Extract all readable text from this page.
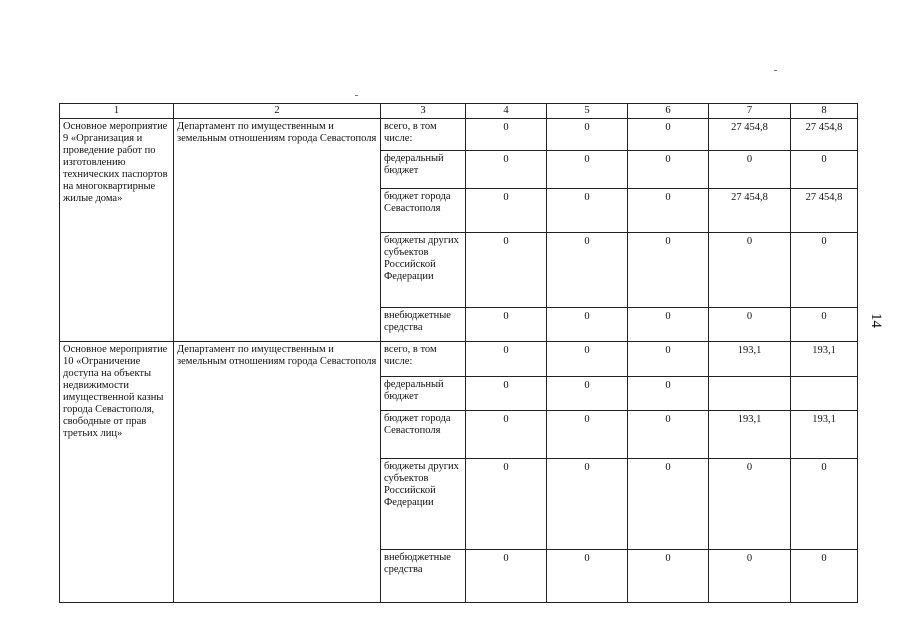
1	2	3	4	5	6	7	8
Основное мероприятие 9 «Организация и проведение работ по изготовлению технических паспортов на многоквартирные жилые дома»	Департамент по имущественным и земельным отношениям города Севастополя	всего, в том числе:	0	0	0	27 454,8	27 454,8
		федеральный бюджет	0	0	0	0	0
		бюджет города Севастополя	0	0	0	27 454,8	27 454,8
		бюджеты других субъектов Российской Федерации	0	0	0	0	0
		внебюджетные средства	0	0	0	0	0
Основное мероприятие 10 «Ограничение доступа на объекты недвижимости имущественной казны города Севастополя, свободные от прав третьих лиц»	Департамент по имущественным и земельным отношениям города Севастополя	всего, в том числе:	0	0	0	193,1	193,1
		федеральный бюджет	0	0	0		
		бюджет города Севастополя	0	0	0	193,1	193,1
		бюджеты других субъектов Российской Федерации	0	0	0	0	0
		внебюджетные средства	0	0	0	0	0
14
